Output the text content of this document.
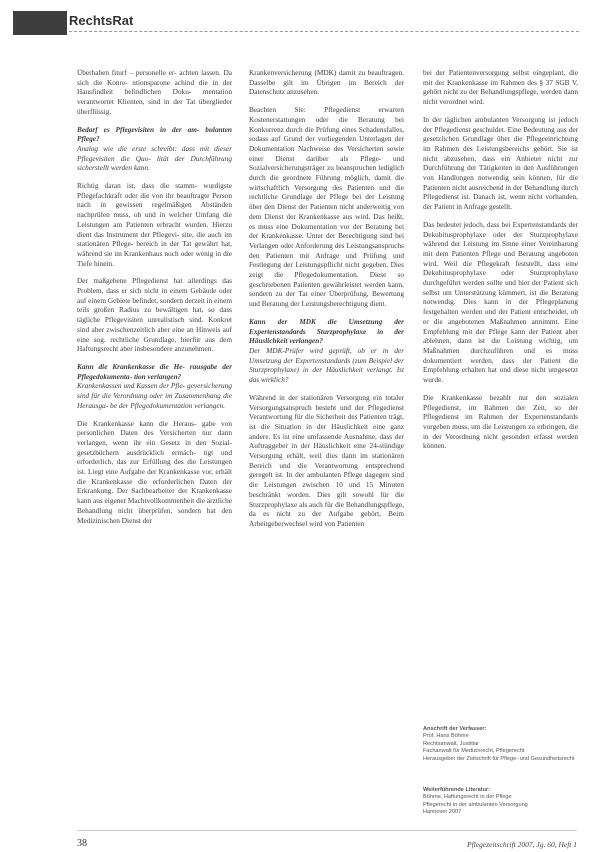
RechtsRat

Überhaben fiturf – personelle er- achten lassen. Da sich die Konre- ntionsparone achind die in der Hausfindleit befindlichen Doku- mentation verantwortet Klienten, sind in der Tat überglieder überflüssig.

Bedarf es Pflegevisiten in der am- bulanten Pflege?

Analog wie die erste schreibt: dass mit dieser Pflegevisiten die Quo- lität der Durchführung sicherstellt werden kann.

Richtig daran ist, dass die stamm- wurdigste Pflegefachkraft oder die von ihr beauftragte Person nach in gewissen regelmäßigen Abständen nachprüfen muss, ob und in welcher Umfang die Leistungen am Patienten erbracht wurden. Hierzu dient das Instrument der Pflegevi- site, die auch im stationären Pflege- bereich in der Tat gewährt hat, während sie im Krankenhaus noch oder wenig in die Tiefe hinein.

Der maßgebene Pflegedienst hat allerdings das Problem, dass er sich nicht in einem Gebäude oder auf einem Gebiete befindet, sondern derzeit in einem teils großen Radius zu bewältigen hat, so dass tägliche Pflegevisiten unrealistisch sind. Konkret sind aber zwischenzeitlich aber eine an Hinweis auf eine sog. rechtliche Grundlage, hierfür aus dem Haftungsrecht aber insbesondere anzunehmen.

Kann die Krankenkasse die He- rausgabe der Pflegedokumenta- tion verlangen?

Krankenkassen und Kassen der Pfle- geversicherung sind für die Verordnung oder im Zusammenhang die Herausga- be der Pflegedokumentation verlangen.

Die Krankenkasse kann die Heraus- gabe von personlichen Daten des Versicherten nur dann verlangen, wenn ihr ein Gesetz in den Sozial- gesetzbüchern ausdrücklich ermäch- tigt und erforderlich, das zur Erfüllung des die Leistungen ist. Liegt eine Aufgabe der Krankenkasse vor, erhält die Krankenkasse die erforderlichen Daten der Erkrankung. Der Sachbearbeiter der Krankenkasse kann aus eigener Machtvollkommenheit die ärztliche Behandlung nicht überprüfen, sondern hat den Medizinischen Dienst der

Krankenversicherung (MDK) damit zu beauftragen. Dasselbe gilt im Übrigen im Bereich der Datenschutz anzusehen.

Beachten Sie: Pflegedienst erwarten Kostenerstattungen oder die Beratung bei Konkurrenz durch die Prüfung eines Schadensfalles, sodass auf Grund der vorliegenden Unterlagen der Dokumentation Nachweise des Versicherten sowie einer Dienst darüber als Pflege- und Sozialversicherungsträger zu beanspruchen lediglich durch die geordnete Führung möglich, damit die wirtschaftlich Versorgung des Patienten und die rechtliche Grundlage der Pflege bei der Leistung über den Dienst der Patienten nicht anderweitig von dem Dienst der Krankenkasse aus wird. Das heißt, es muss eine Dokumentation vor der Beratung bei der Krankenkasse. Unter der Berechtigung sind bei Verlangen oder Anforderung des Leistungsanspruchs den Patienten mit Anfrage und Prüfung und Festlegung der Leistungspflicht nicht gegeben. Dies zeigt die Pflegedokumentation. Diese so geschriebenen Patienten gewährleistet werden kann, sondern zu der Tat einer Überprüfung, Bewertung und Beratung der Leistungsberechtigung dient.

Kann der MDK die Umsetzung der Expertenstandards Sturzprophylaxe in der Häuslichkeit verlangen?

Der MDK-Prüfer wird geprüft, ob er in der Umsetzung der Expertenstandards (zum Beispiel der Sturzprophylaxe) in der Häuslichkeit verlangt. Ist das wirklich?

Während in der stationären Versorgung ein totaler Versorgungsanspruch besteht und der Pflegedienst Verantwortung für die Sicherheit des Patienten trägt, ist die Situation in der Häuslichkeit eine ganz andere. Es ist eine umfassende Ausnahme, dass der Auftraggeber in der Häuslichkeit eine 24-stündige Versorgung erhält, weil dies dann im stationären Bereich und die Verantwortung entsprechend geregelt ist. In der ambulanten Pflege dagegen sind die Leistungen zwischen 10 und 15 Minuten beschränkt worden. Dies gilt sowohl für die Sturzprophylaxe als auch für die Behandlungspflege, da es nicht zu der Aufgabe gehört, Beim Arbeitgeberwechsel wird von Patienten

bei der Patientenversorgung selbst eingeplant, die mit der Krankenkasse im Rahmen des § 37 SGB V, gehört nicht zu der Behandlungspflege, werden dann nicht verordnet wird.

In der täglichen ambulanten Versorgung ist jedoch der Pflegedienst geschuldet. Eine Bedeutung aus der gesetzlichen Grundlage über die Pflegeeinrichtung im Rahmen des Leistungsbereichs gehört. Sie ist nicht abzusehen, dass ein Anbieter nicht zur Durchführung der Tätigkeiten in den Ausführungen von Handlungen notwendig sein können, für die Patienten nicht ausreichend in der Behandlung durch Pflegedienst ist. Danach ist, wenn nicht vorhanden, der Patient in Anfrage gestellt.

Das bedeutet jedoch, dass bei Expertenstandards der Dekubitusprophylaxe oder der Sturzprophylaxe während der Leistung im Sinne einer Vereinbarung mit dem Patienten Pflege und Beratung angeboten wird. Weil die Pflegekraft feststellt, dass eine Dekubitusprophylaxe oder Sturzprophylaxe durchgeführt werden sollte und hier der Patient sich selbst um Unterstützung kümmert, ist die Beratung notwendig. Dies kann in der Pflegeplanung festgehalten werden und der Patient entscheidet, ob er die angebotenen Maßnahmen annimmt. Eine Empfehlung mit der Pflege kann der Patient aber ablehnen, dann ist die Leistung wichtig, um Maßnahmen durchzuführen und es muss dokumentiert werden, dass der Patient die Empfehlung erhalten hat und diese nicht umgesetzt wurde.

Die Krankenkasse bezahlt nur den sozialen Pflegedienst, im Rahmen der Zeit, so der Pflegedienst im Rahmen der Expertenstandards vorgeben muss, um die Leistungen zu erbringen, die in der Verordnung nicht gesondert erfasst werden können.

Anschrift der Verfasser:
Prof. Hans Böhme
Rechtsanwalt, Justitiar
Fachanwalt für Medizinrecht, Pflegerecht
Herausgeber der Zeitschrift für Pflege- und Gesundheitsrecht
Weiterführende Literatur:
Böhme, Haftungsrecht in der Pflege
Pflegerecht in der ambulanten Versorgung
Hannover 2007
38	Pflegezeitschrift 2007, Jg. 60, Heft 1
